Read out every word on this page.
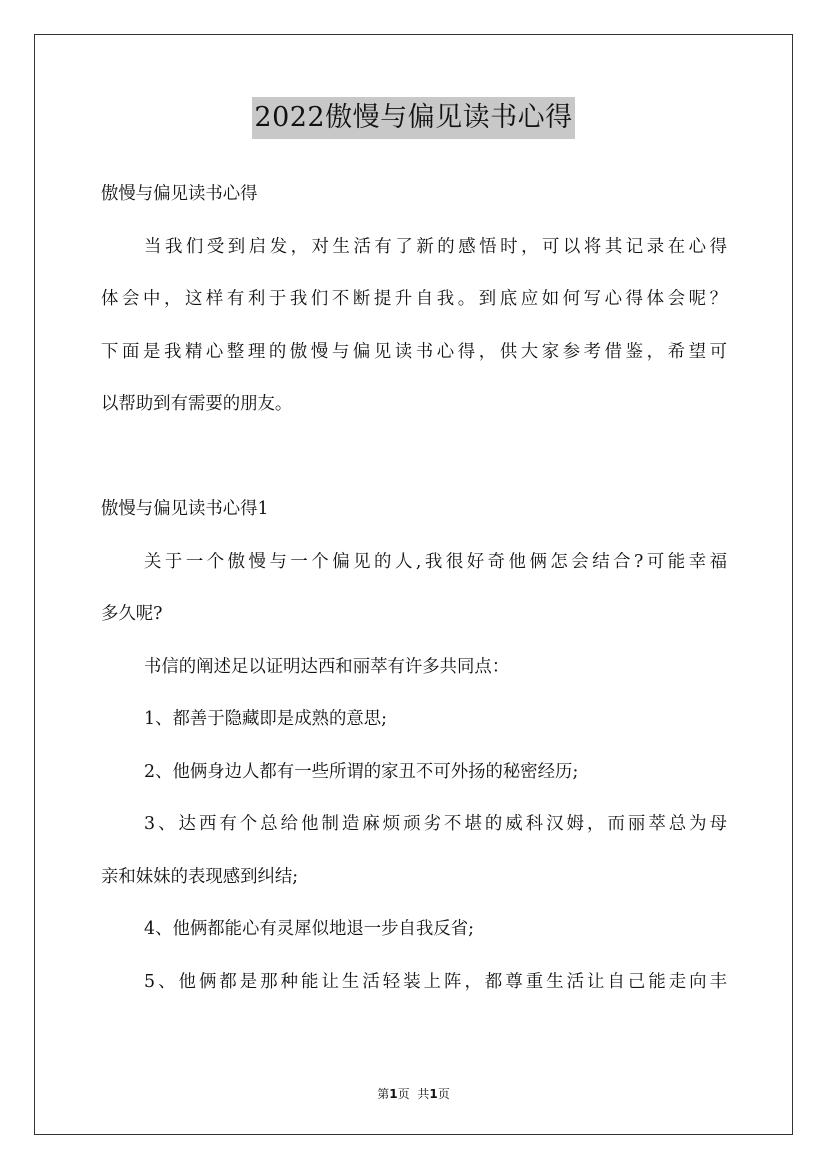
2022傲慢与偏见读书心得
傲慢与偏见读书心得
当我们受到启发，对生活有了新的感悟时，可以将其记录在心得
体会中，这样有利于我们不断提升自我。到底应如何写心得体会呢？
下面是我精心整理的傲慢与偏见读书心得，供大家参考借鉴，希望可
以帮助到有需要的朋友。
傲慢与偏见读书心得1
关于一个傲慢与一个偏见的人,我很好奇他俩怎会结合?可能幸福
多久呢?
书信的阐述足以证明达西和丽萃有许多共同点：
1、都善于隐藏即是成熟的意思;
2、他俩身边人都有一些所谓的家丑不可外扬的秘密经历;
3、达西有个总给他制造麻烦顽劣不堪的威科汉姆，而丽萃总为母
亲和妹妹的表现感到纠结;
4、他俩都能心有灵犀似地退一步自我反省;
5、他俩都是那种能让生活轻装上阵，都尊重生活让自己能走向丰
第1页 共1页
